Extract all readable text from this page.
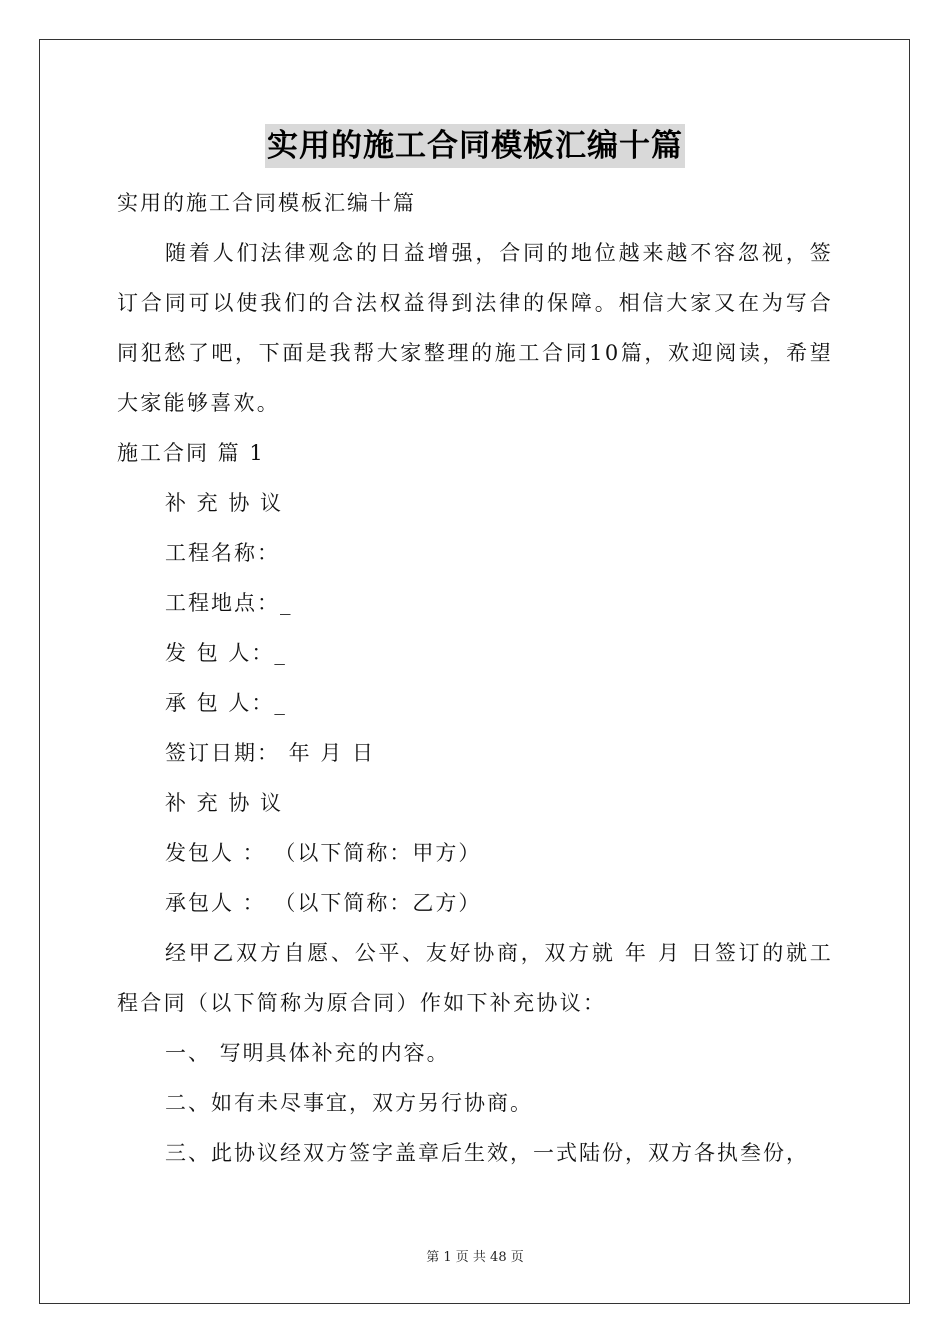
实用的施工合同模板汇编十篇
实用的施工合同模板汇编十篇
随着人们法律观念的日益增强，合同的地位越来越不容忽视，签订合同可以使我们的合法权益得到法律的保障。相信大家又在为写合同犯愁了吧，下面是我帮大家整理的施工合同10篇，欢迎阅读，希望大家能够喜欢。
施工合同 篇 1
补 充 协 议
工程名称：
工程地点：_
发 包 人：_
承 包 人：_
签订日期： 年 月 日
补 充 协 议
发包人 ： （以下简称：甲方）
承包人 ： （以下简称：乙方）
经甲乙双方自愿、公平、友好协商，双方就 年 月 日签订的就工程合同（以下简称为原合同）作如下补充协议：
一、 写明具体补充的内容。
二、如有未尽事宜，双方另行协商。
三、此协议经双方签字盖章后生效，一式陆份，双方各执叁份，
第 1 页 共 48 页
